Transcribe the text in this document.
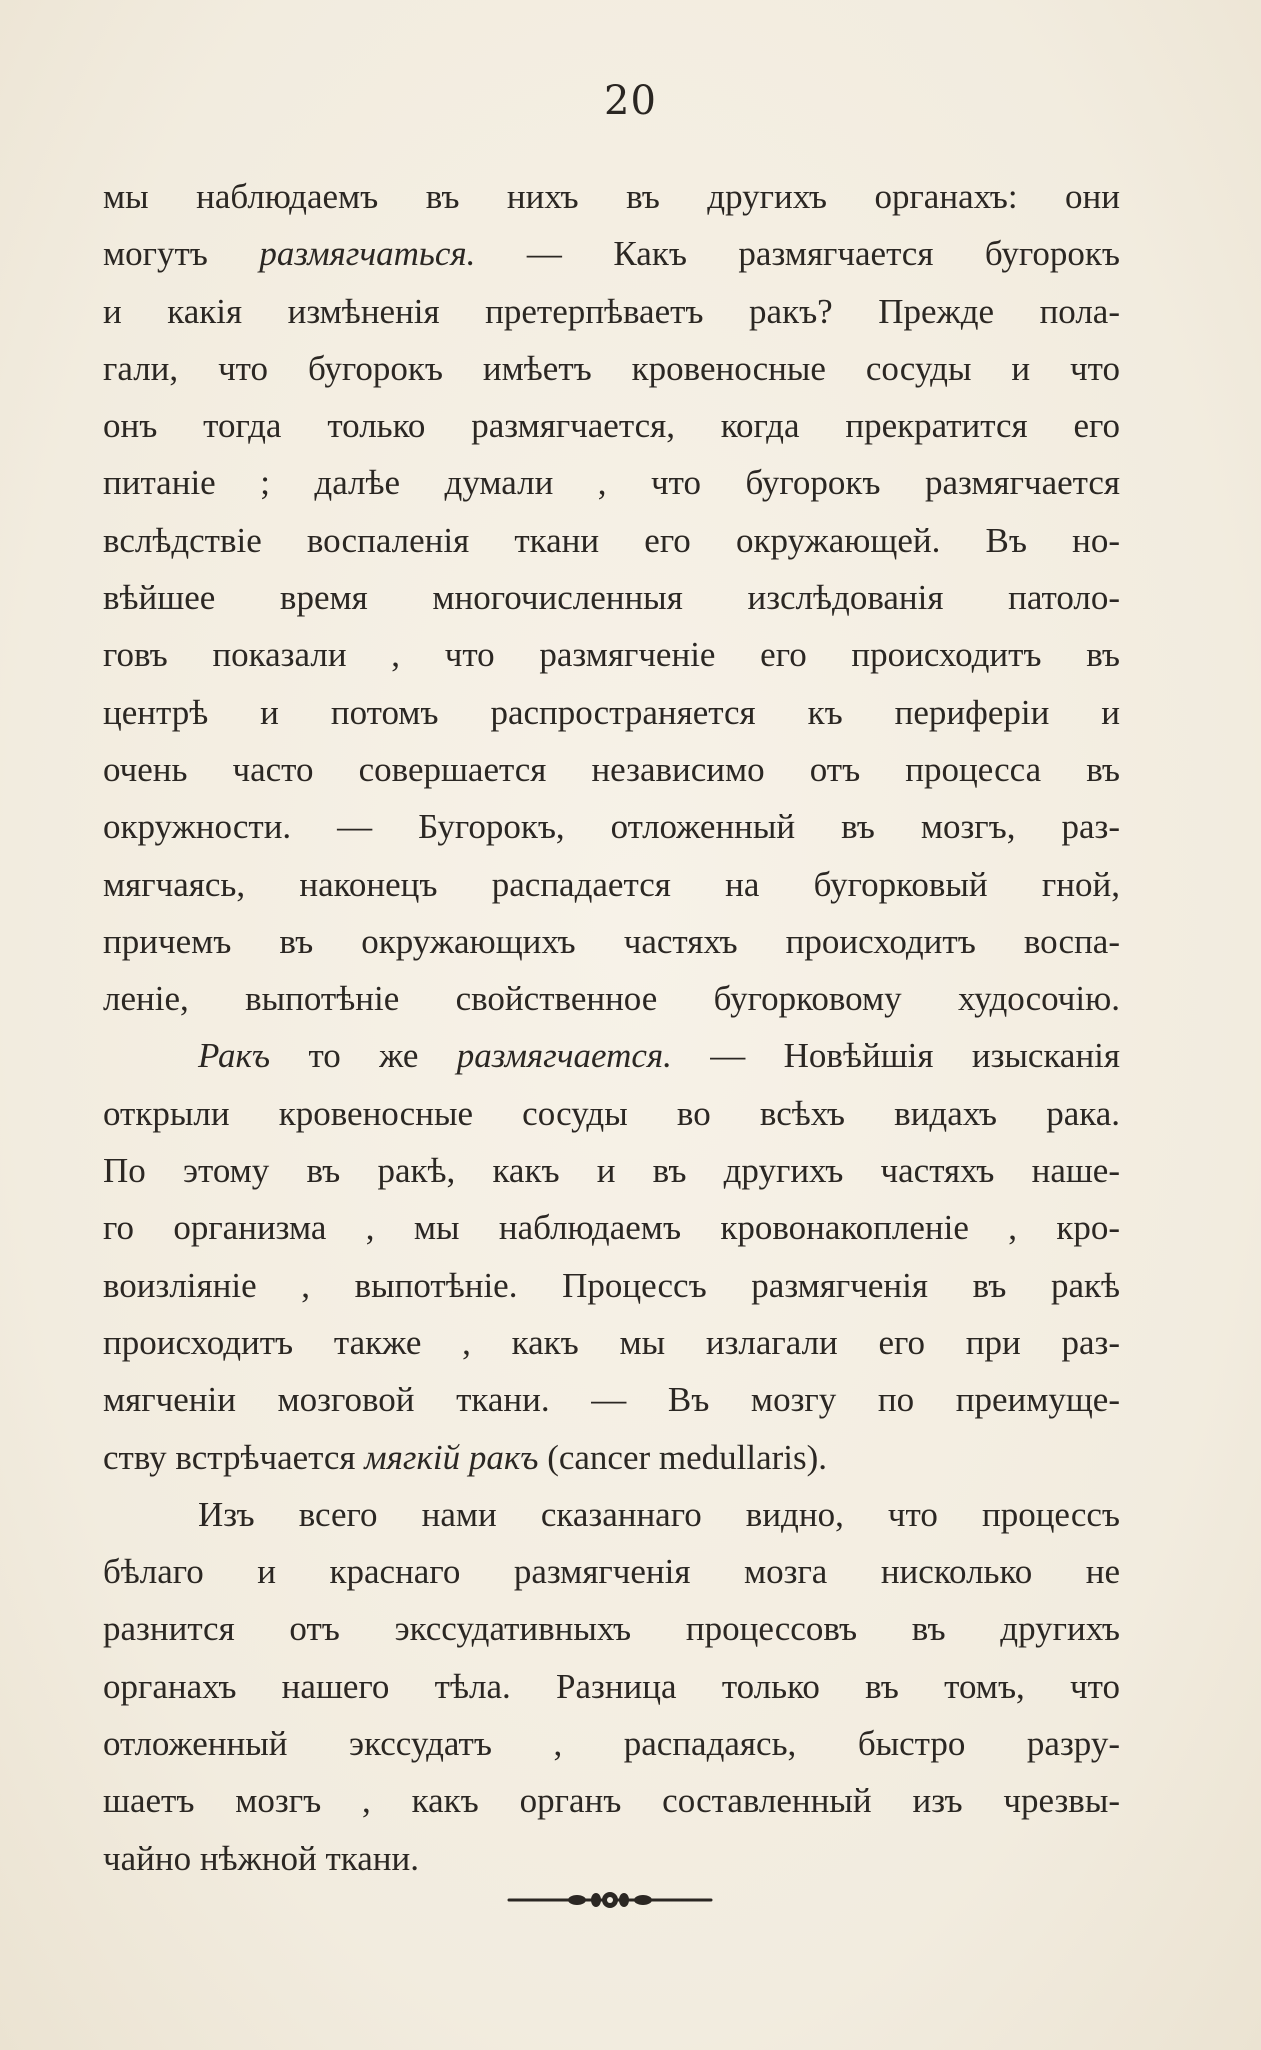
20
мы наблюдаемъ въ нихъ въ другихъ органахъ: они
могутъ размягчаться. — Какъ размягчается бугорокъ
и какія измѣненія претерпѣваетъ ракъ? Прежде пола-
гали, что бугорокъ имѣетъ кровеносные сосуды и что
онъ тогда только размягчается, когда прекратится его
питаніе ; далѣе думали , что бугорокъ размягчается
вслѣдствіе воспаленія ткани его окружающей. Въ но-
вѣйшее время многочисленныя изслѣдованія патоло-
говъ показали , что размягченіе его происходитъ въ
центрѣ и потомъ распространяется къ периферіи и
очень часто совершается независимо отъ процесса въ
окружности. — Бугорокъ, отложенный въ мозгъ, раз-
мягчаясь, наконецъ распадается на бугорковый гной,
причемъ въ окружающихъ частяхъ происходитъ воспа-
леніе, выпотѣніе свойственное бугорковому худосочію.
Ракъ то же размягчается. — Новѣйшія изысканія
открыли кровеносные сосуды во всѣхъ видахъ рака.
По этому въ ракѣ, какъ и въ другихъ частяхъ наше-
го организма , мы наблюдаемъ кровонакопленіе , кро-
воизліяніе , выпотѣніе. Процессъ размягченія въ ракѣ
происходитъ также , какъ мы излагали его при раз-
мягченіи мозговой ткани. — Въ мозгу по преимуще-
ству встрѣчается мягкій ракъ (cancer medullaris).
Изъ всего нами сказаннаго видно, что процессъ
бѣлаго и краснаго размягченія мозга нисколько не
разнится отъ экссудативныхъ процессовъ въ другихъ
органахъ нашего тѣла. Разница только въ томъ, что
отложенный экссудатъ , распадаясь, быстро разру-
шаетъ мозгъ , какъ органъ составленный изъ чрезвы-
чайно нѣжной ткани.
